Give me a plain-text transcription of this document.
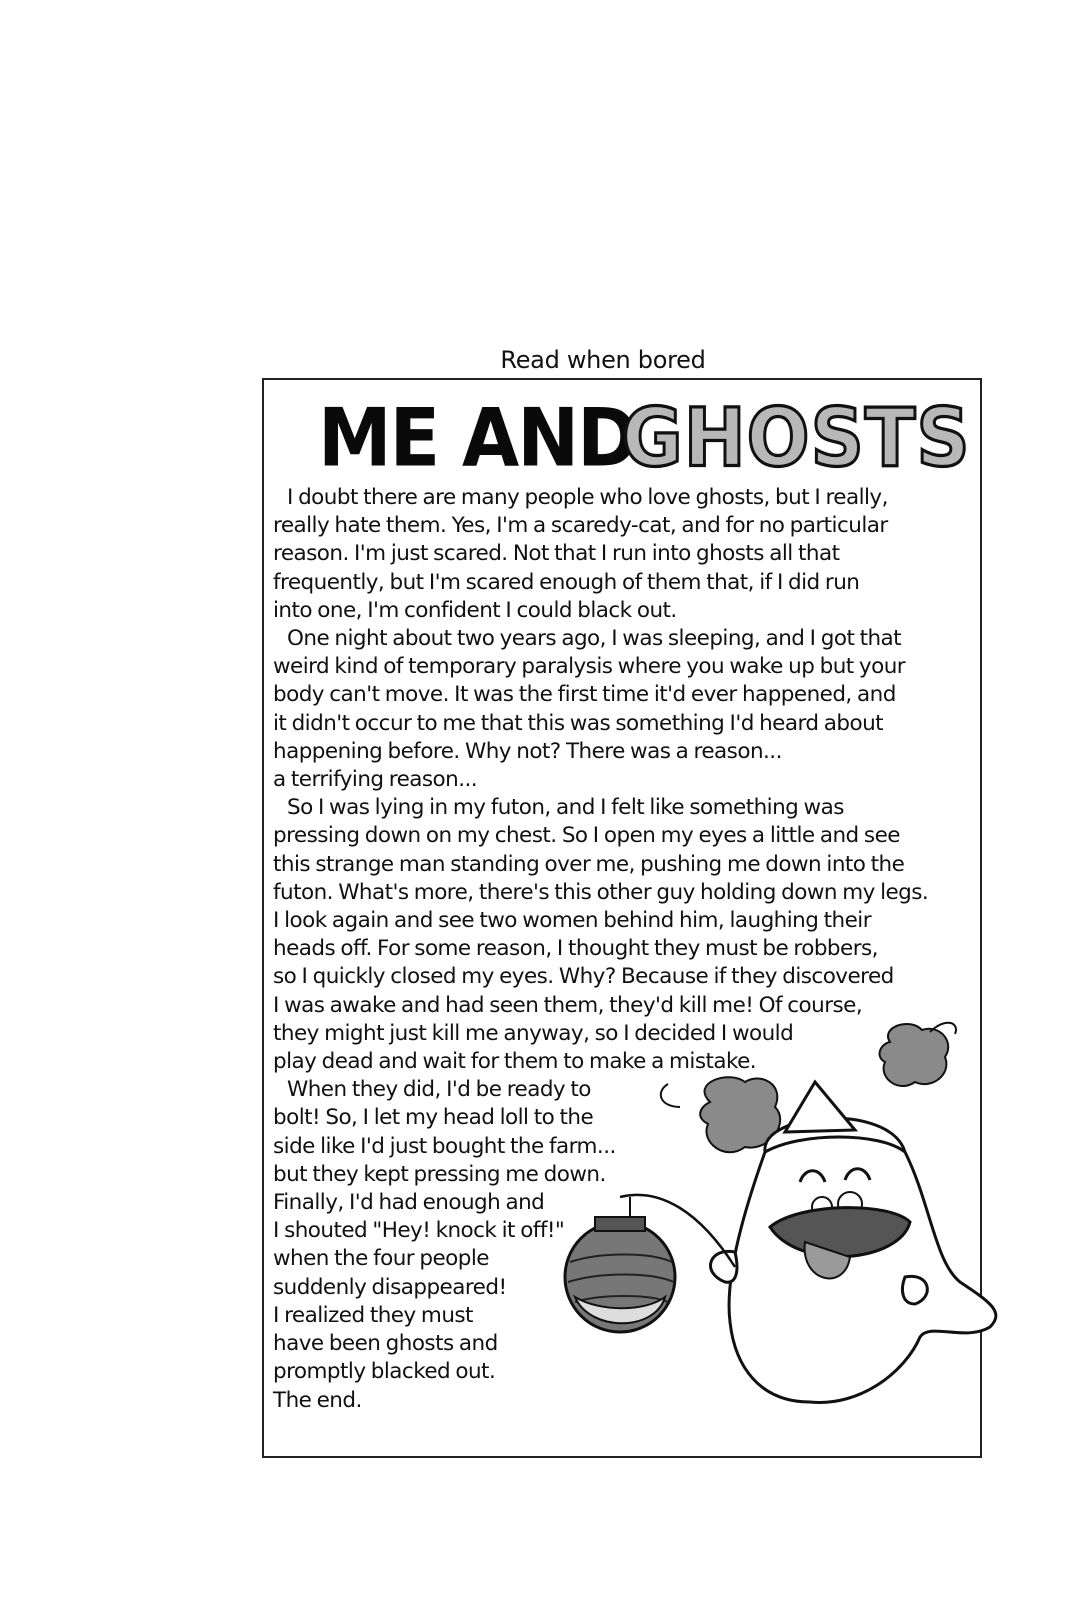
Read when bored
ME AND
GHOSTS
I doubt there are many people who love ghosts, but I really,
really hate them. Yes, I'm a scaredy-cat, and for no particular
reason. I'm just scared. Not that I run into ghosts all that
frequently, but I'm scared enough of them that, if I did run
into one, I'm confident I could black out.
One night about two years ago, I was sleeping, and I got that
weird kind of temporary paralysis where you wake up but your
body can't move. It was the first time it'd ever happened, and
it didn't occur to me that this was something I'd heard about
happening before. Why not? There was a reason...
a terrifying reason...
So I was lying in my futon, and I felt like something was
pressing down on my chest. So I open my eyes a little and see
this strange man standing over me, pushing me down into the
futon. What's more, there's this other guy holding down my legs.
I look again and see two women behind him, laughing their
heads off. For some reason, I thought they must be robbers,
so I quickly closed my eyes. Why? Because if they discovered
I was awake and had seen them, they'd kill me! Of course,
they might just kill me anyway, so I decided I would
play dead and wait for them to make a mistake.
When they did, I'd be ready to
bolt! So, I let my head loll to the
side like I'd just bought the farm...
but they kept pressing me down.
Finally, I'd had enough and
I shouted "Hey! knock it off!"
when the four people
suddenly disappeared!
I realized they must
have been ghosts and
promptly blacked out.
The end.
